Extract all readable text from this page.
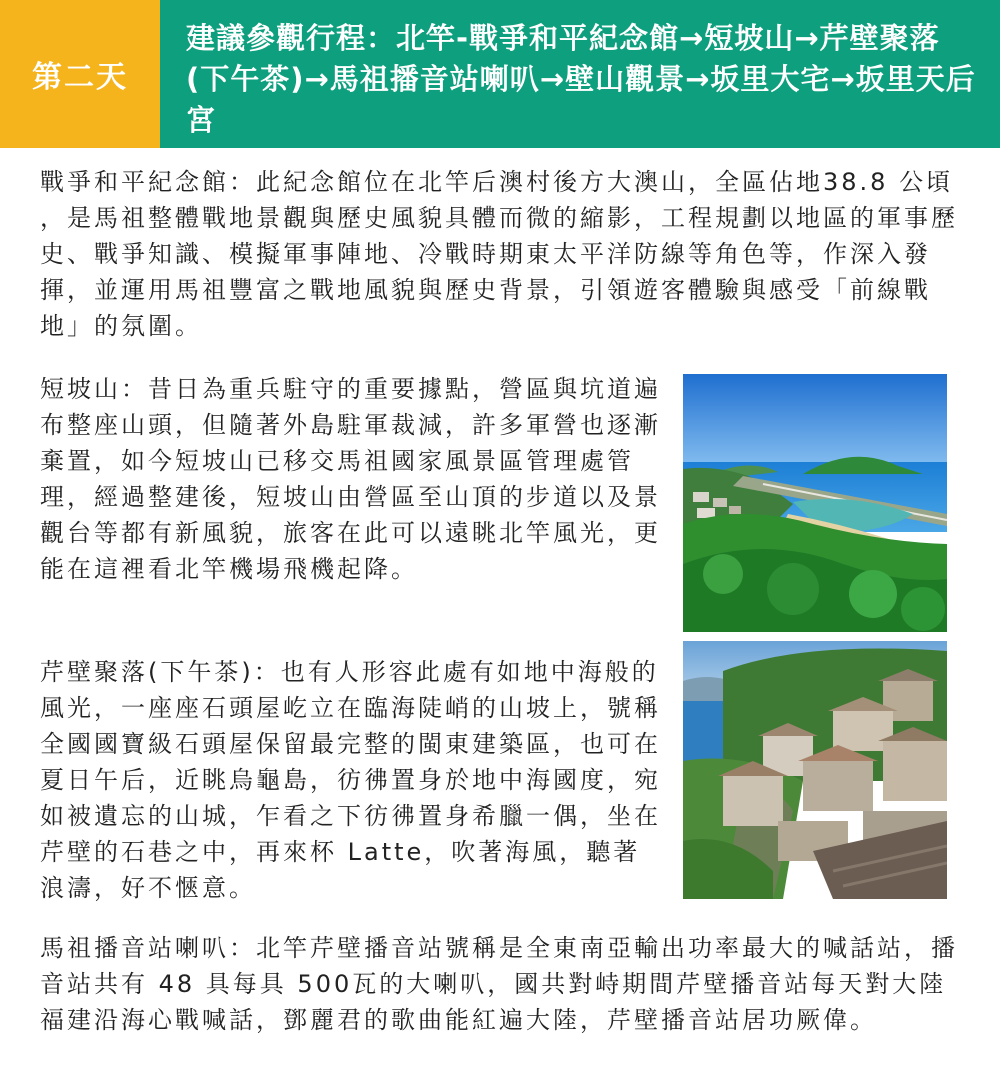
第二天
建議參觀行程：北竿-戰爭和平紀念館→短坡山→芹壁聚落(下午茶)→馬祖播音站喇叭→壁山觀景→坂里大宅→坂里天后宮

戰爭和平紀念館：此紀念館位在北竿后澳村後方大澳山，全區佔地38.8 公頃 ，是馬祖整體戰地景觀與歷史風貌具體而微的縮影，工程規劃以地區的軍事歷史、戰爭知識、模擬軍事陣地、冷戰時期東太平洋防線等角色等，作深入發揮，並運用馬祖豐富之戰地風貌與歷史背景，引領遊客體驗與感受「前線戰地」的氛圍。

短坡山：昔日為重兵駐守的重要據點，營區與坑道遍布整座山頭，但隨著外島駐軍裁減，許多軍營也逐漸棄置，如今短坡山已移交馬祖國家風景區管理處管理，經過整建後，短坡山由營區至山頂的步道以及景觀台等都有新風貌，旅客在此可以遠眺北竿風光，更能在這裡看北竿機場飛機起降。

芹壁聚落(下午茶)：也有人形容此處有如地中海般的風光，一座座石頭屋屹立在臨海陡峭的山坡上，號稱全國國寶級石頭屋保留最完整的閩東建築區，也可在夏日午后，近眺烏龜島，彷彿置身於地中海國度，宛如被遺忘的山城，乍看之下彷彿置身希臘一偶，坐在芹壁的石巷之中，再來杯 Latte，吹著海風，聽著浪濤，好不愜意。

馬祖播音站喇叭：北竿芹壁播音站號稱是全東南亞輸出功率最大的喊話站，播音站共有 48 具每具 500瓦的大喇叭，國共對峙期間芹壁播音站每天對大陸福建沿海心戰喊話，鄧麗君的歌曲能紅遍大陸，芹壁播音站居功厥偉。
